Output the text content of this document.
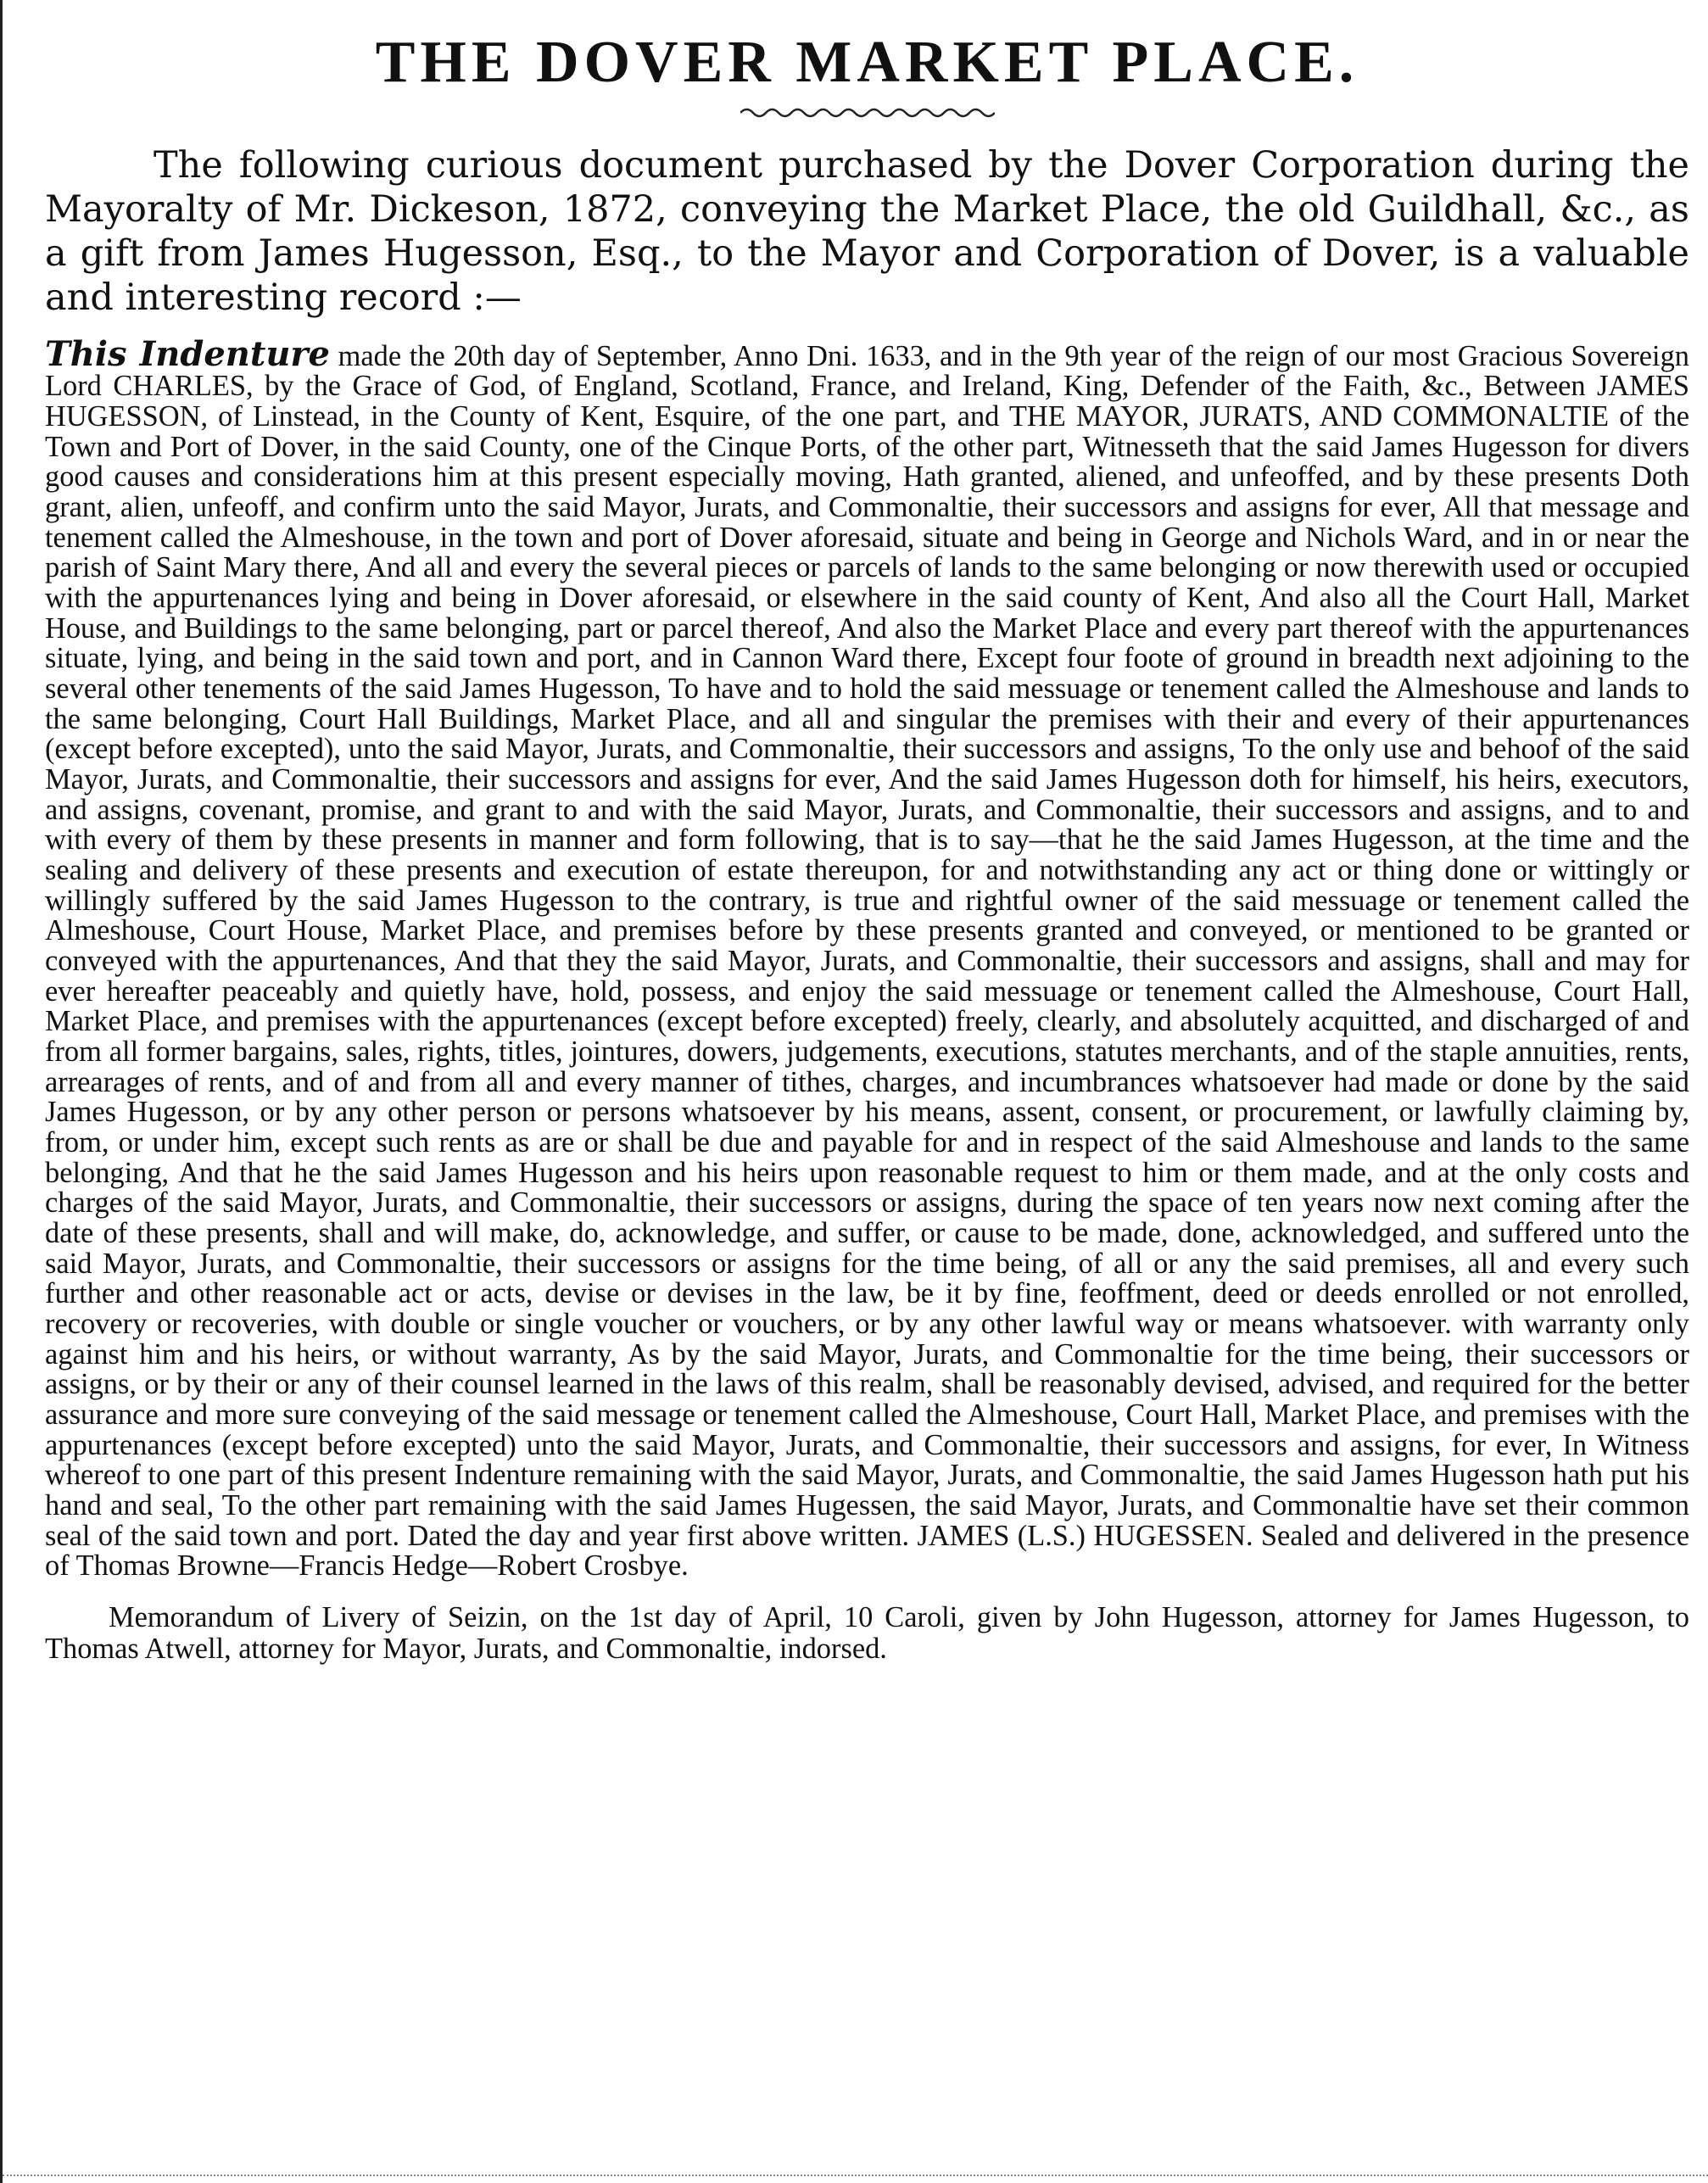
THE DOVER MARKET PLACE.

The following curious document purchased by the Dover Corporation during the Mayoralty of Mr. Dickeson, 1872, conveying the Market Place, the old Guildhall, &c., as a gift from James Hugesson, Esq., to the Mayor and Corporation of Dover, is a valuable and interesting record :—

This Indenture made the 20th day of September, Anno Dni. 1633, and in the 9th year of the reign of our most Gracious Sovereign Lord CHARLES, by the Grace of God, of England, Scotland, France, and Ireland, King, Defender of the Faith, &c., Between JAMES HUGESSON, of Linstead, in the County of Kent, Esquire, of the one part, and THE MAYOR, JURATS, AND COMMONALTIE of the Town and Port of Dover, in the said County, one of the Cinque Ports, of the other part, Witnesseth that the said James Hugesson for divers good causes and considerations him at this present especially moving, Hath granted, aliened, and unfeoffed, and by these presents Doth grant, alien, unfeoff, and confirm unto the said Mayor, Jurats, and Commonaltie, their successors and assigns for ever, All that message and tenement called the Almeshouse, in the town and port of Dover aforesaid, situate and being in George and Nichols Ward, and in or near the parish of Saint Mary there, And all and every the several pieces or parcels of lands to the same belonging or now therewith used or occupied with the appurtenances lying and being in Dover aforesaid, or elsewhere in the said county of Kent, And also all the Court Hall, Market House, and Buildings to the same belonging, part or parcel thereof, And also the Market Place and every part thereof with the appurtenances situate, lying, and being in the said town and port, and in Cannon Ward there, Except four foote of ground in breadth next adjoining to the several other tenements of the said James Hugesson, To have and to hold the said messuage or tenement called the Almeshouse and lands to the same belonging, Court Hall Buildings, Market Place, and all and singular the premises with their and every of their appurtenances (except before excepted), unto the said Mayor, Jurats, and Commonaltie, their successors and assigns, To the only use and behoof of the said Mayor, Jurats, and Commonaltie, their successors and assigns for ever, And the said James Hugesson doth for himself, his heirs, executors, and assigns, covenant, promise, and grant to and with the said Mayor, Jurats, and Commonaltie, their successors and assigns, and to and with every of them by these presents in manner and form following, that is to say—that he the said James Hugesson, at the time and the sealing and delivery of these presents and execution of estate thereupon, for and notwithstanding any act or thing done or wittingly or willingly suffered by the said James Hugesson to the contrary, is true and rightful owner of the said messuage or tenement called the Almeshouse, Court House, Market Place, and premises before by these presents granted and conveyed, or mentioned to be granted or conveyed with the appurtenances, And that they the said Mayor, Jurats, and Commonaltie, their successors and assigns, shall and may for ever hereafter peaceably and quietly have, hold, possess, and enjoy the said messuage or tenement called the Almeshouse, Court Hall, Market Place, and premises with the appurtenances (except before excepted) freely, clearly, and absolutely acquitted, and discharged of and from all former bargains, sales, rights, titles, jointures, dowers, judgements, executions, statutes merchants, and of the staple annuities, rents, arrearages of rents, and of and from all and every manner of tithes, charges, and incumbrances whatsoever had made or done by the said James Hugesson, or by any other person or persons whatsoever by his means, assent, consent, or procurement, or lawfully claiming by, from, or under him, except such rents as are or shall be due and payable for and in respect of the said Almeshouse and lands to the same belonging, And that he the said James Hugesson and his heirs upon reasonable request to him or them made, and at the only costs and charges of the said Mayor, Jurats, and Commonaltie, their successors or assigns, during the space of ten years now next coming after the date of these presents, shall and will make, do, acknowledge, and suffer, or cause to be made, done, acknowledged, and suffered unto the said Mayor, Jurats, and Commonaltie, their successors or assigns for the time being, of all or any the said premises, all and every such further and other reasonable act or acts, devise or devises in the law, be it by fine, feoffment, deed or deeds enrolled or not enrolled, recovery or recoveries, with double or single voucher or vouchers, or by any other lawful way or means whatsoever. with warranty only against him and his heirs, or without warranty, As by the said Mayor, Jurats, and Commonaltie for the time being, their successors or assigns, or by their or any of their counsel learned in the laws of this realm, shall be reasonably devised, advised, and required for the better assurance and more sure conveying of the said message or tenement called the Almeshouse, Court Hall, Market Place, and premises with the appurtenances (except before excepted) unto the said Mayor, Jurats, and Commonaltie, their successors and assigns, for ever, In Witness whereof to one part of this present Indenture remaining with the said Mayor, Jurats, and Commonaltie, the said James Hugesson hath put his hand and seal, To the other part remaining with the said James Hugessen, the said Mayor, Jurats, and Commonaltie have set their common seal of the said town and port. Dated the day and year first above written. JAMES (L.S.) HUGESSEN. Sealed and delivered in the presence of Thomas Browne—Francis Hedge—Robert Crosbye.

Memorandum of Livery of Seizin, on the 1st day of April, 10 Caroli, given by John Hugesson, attorney for James Hugesson, to Thomas Atwell, attorney for Mayor, Jurats, and Commonaltie, indorsed.
